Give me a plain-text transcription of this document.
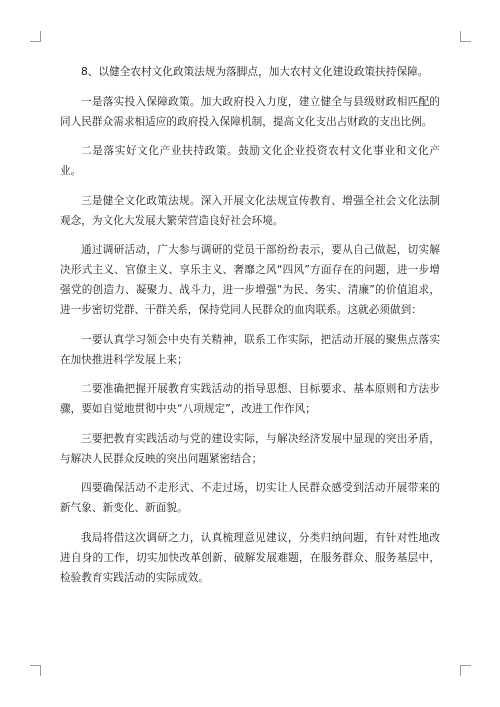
8、以健全农村文化政策法规为落脚点，加大农村文化建设政策扶持保障。

一是落实投入保障政策。加大政府投入力度，建立健全与县级财政相匹配的同人民群众需求相适应的政府投入保障机制，提高文化支出占财政的支出比例。

二是落实好文化产业扶持政策。鼓励文化企业投资农村文化事业和文化产业。

三是健全文化政策法规。深入开展文化法规宣传教育、增强全社会文化法制观念，为文化大发展大繁荣营造良好社会环境。

通过调研活动，广大参与调研的党员干部纷纷表示，要从自己做起，切实解决形式主义、官僚主义、享乐主义、奢靡之风“四风”方面存在的问题，进一步增强党的创造力、凝聚力、战斗力，进一步增强“为民、务实、清廉”的价值追求，进一步密切党群、干群关系，保持党同人民群众的血肉联系。这就必须做到：

一要认真学习领会中央有关精神，联系工作实际，把活动开展的聚焦点落实在加快推进科学发展上来；

二要准确把握开展教育实践活动的指导思想、目标要求、基本原则和方法步骤，要如自觉地贯彻中央“八项规定”，改进工作作风；

三要把教育实践活动与党的建设实际，与解决经济发展中显现的突出矛盾，与解决人民群众反映的突出问题紧密结合；

四要确保活动不走形式、不走过场，切实让人民群众感受到活动开展带来的新气象、新变化、新面貌。

我局将借这次调研之力，认真梳理意见建议，分类归纳问题，有针对性地改进自身的工作，切实加快改革创新、破解发展难题，在服务群众、服务基层中，检验教育实践活动的实际成效。
